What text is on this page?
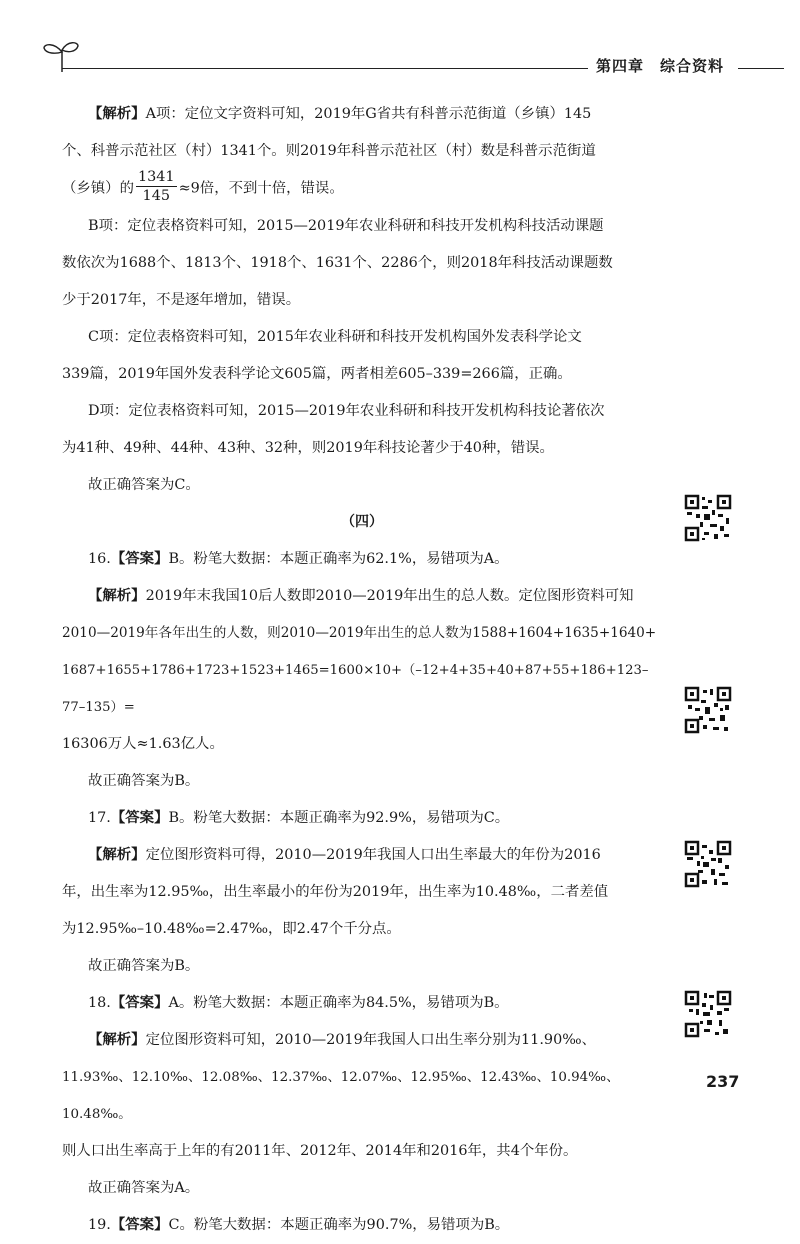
第四章 综合资料

【解析】A项：定位文字资料可知，2019年G省共有科普示范街道（乡镇）145

个、科普示范社区（村）1341个。则2019年科普示范社区（村）数是科普示范街道

（乡镇）的 $\frac{1341}{145} \approx 9$倍，不到十倍，错误。

B项：定位表格资料可知，2015—2019年农业科研和科技开发机构科技活动课题

数依次为1688个、1813个、1918个、1631个、2286个，则2018年科技活动课题数

少于2017年，不是逐年增加，错误。

C项：定位表格资料可知，2015年农业科研和科技开发机构国外发表科学论文

339篇，2019年国外发表科学论文605篇，两者相差605–339=266篇，正确。

D项：定位表格资料可知，2015—2019年农业科研和科技开发机构科技论著依次

为41种、49种、44种、43种、32种，则2019年科技论著少于40种，错误。

故正确答案为C。

（四）

16.【答案】B。粉笔大数据：本题正确率为62.1%，易错项为A。

【解析】2019年末我国10后人数即2010—2019年出生的总人数。定位图形资料可知

2010—2019年各年出生的人数，则2010—2019年出生的总人数为1588+1604+1635+1640+

1687+1655+1786+1723+1523+1465=1600×10+（–12+4+35+40+87+55+186+123–77–135）=

16306万人≈1.63亿人。

故正确答案为B。

17.【答案】B。粉笔大数据：本题正确率为92.9%，易错项为C。

【解析】定位图形资料可得，2010—2019年我国人口出生率最大的年份为2016

年，出生率为12.95‰，出生率最小的年份为2019年，出生率为10.48‰，二者差值

为12.95‰–10.48‰=2.47‰，即2.47个千分点。

故正确答案为B。

18.【答案】A。粉笔大数据：本题正确率为84.5%，易错项为B。

【解析】定位图形资料可知，2010—2019年我国人口出生率分别为11.90‰、

11.93‰、12.10‰、12.08‰、12.37‰、12.07‰、12.95‰、12.43‰、10.94‰、10.48‰。

则人口出生率高于上年的有2011年、2012年、2014年和2016年，共4个年份。

故正确答案为A。

19.【答案】C。粉笔大数据：本题正确率为90.7%，易错项为B。

237
